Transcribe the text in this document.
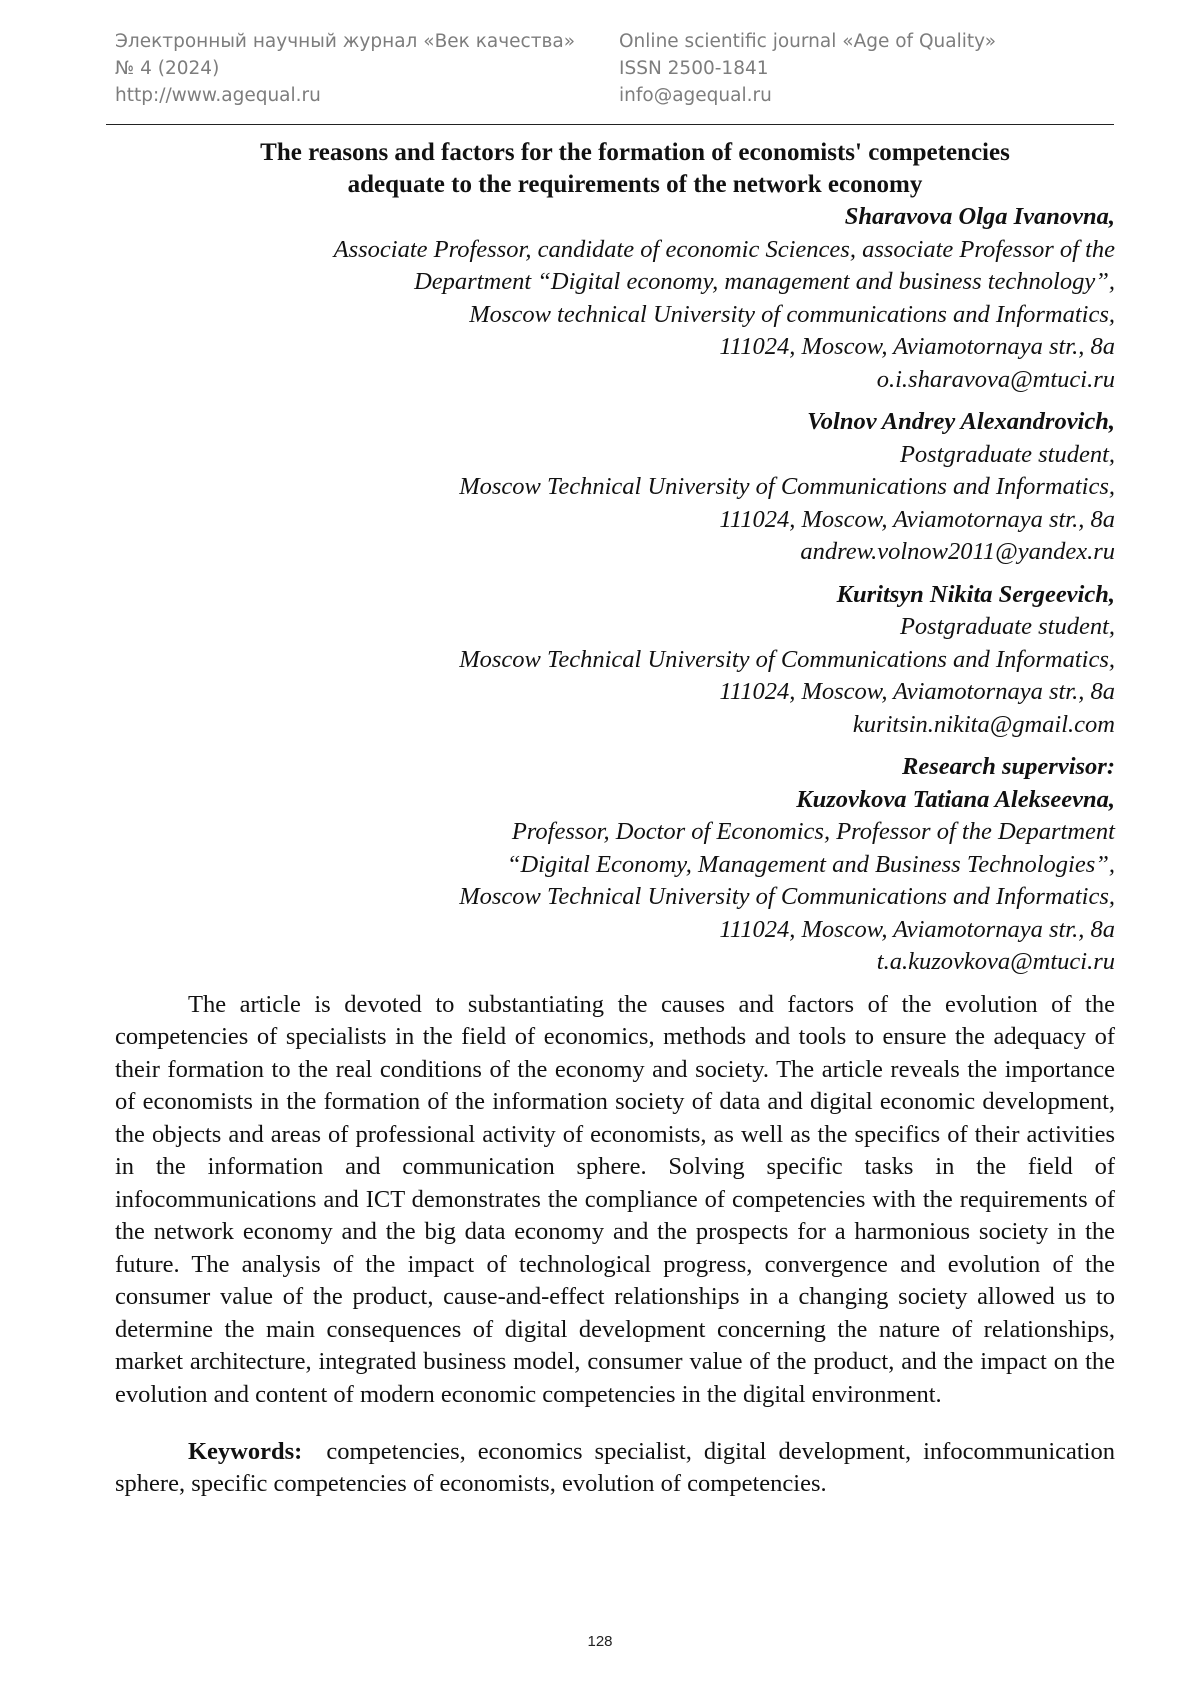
Электронный научный журнал «Век качества»
№ 4 (2024)
http://www.agequal.ru
Online scientific journal «Age of Quality»
ISSN 2500-1841
info@agequal.ru
The reasons and factors for the formation of economists' competencies
adequate to the requirements of the network economy
Sharavova Olga Ivanovna,
Associate Professor, candidate of economic Sciences, associate Professor of the
Department “Digital economy, management and business technology”,
Moscow technical University of communications and Informatics,
111024, Moscow, Aviamotornaya str., 8a
o.i.sharavova@mtuci.ru
Volnov Andrey Alexandrovich,
Postgraduate student,
Moscow Technical University of Communications and Informatics,
111024, Moscow, Aviamotornaya str., 8a
andrew.volnow2011@yandex.ru
Kuritsyn Nikita Sergeevich,
Postgraduate student,
Moscow Technical University of Communications and Informatics,
111024, Moscow, Aviamotornaya str., 8a
kuritsin.nikita@gmail.com
Research supervisor:
Kuzovkova Tatiana Alekseevna,
Professor, Doctor of Economics, Professor of the Department
“Digital Economy, Management and Business Technologies”,
Moscow Technical University of Communications and Informatics,
111024, Moscow, Aviamotornaya str., 8a
t.a.kuzovkova@mtuci.ru

The article is devoted to substantiating the causes and factors of the evolution of the competencies of specialists in the field of economics, methods and tools to ensure the adequacy of their formation to the real conditions of the economy and society. The article reveals the importance of economists in the formation of the information society of data and digital economic development, the objects and areas of professional activity of economists, as well as the specifics of their activities in the information and communication sphere. Solving specific tasks in the field of infocommunications and ICT demonstrates the compliance of competencies with the requirements of the network economy and the big data economy and the prospects for a harmonious society in the future. The analysis of the impact of technological progress, convergence and evolution of the consumer value of the product, cause-and-effect relationships in a changing society allowed us to determine the main consequences of digital development concerning the nature of relationships, market architecture, integrated business model, consumer value of the product, and the impact on the evolution and content of modern economic competencies in the digital environment.

Keywords: competencies, economics specialist, digital development, infocommunication sphere, specific competencies of economists, evolution of competencies.

128
